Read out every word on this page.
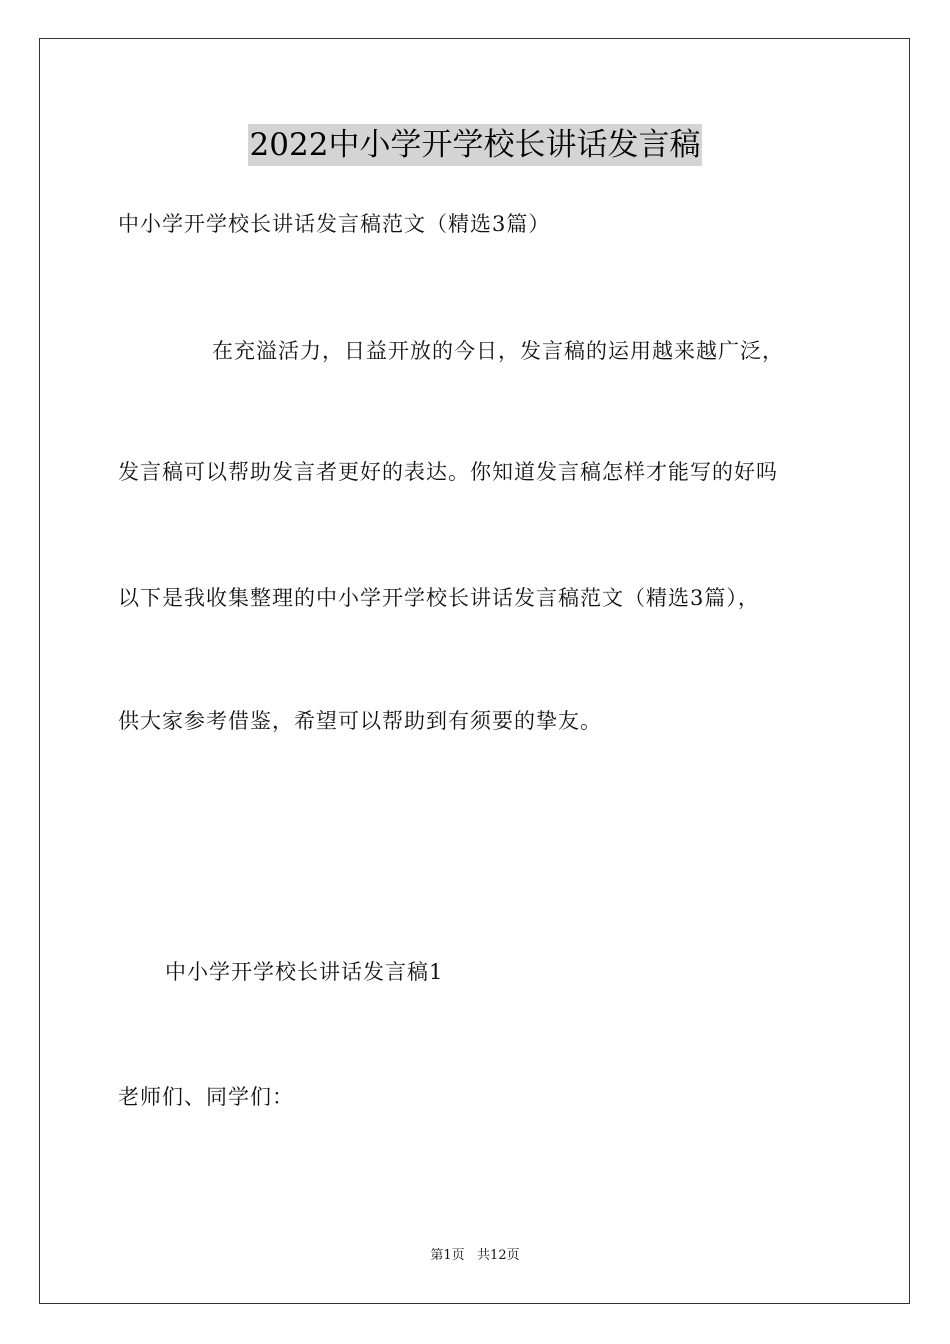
2022中小学开学校长讲话发言稿
中小学开学校长讲话发言稿范文（精选3篇）
在充溢活力，日益开放的今日，发言稿的运用越来越广泛，
发言稿可以帮助发言者更好的表达。你知道发言稿怎样才能写的好吗
以下是我收集整理的中小学开学校长讲话发言稿范文（精选3篇），
供大家参考借鉴，希望可以帮助到有须要的挚友。
中小学开学校长讲话发言稿1
老师们、同学们：
第1页   共12页
